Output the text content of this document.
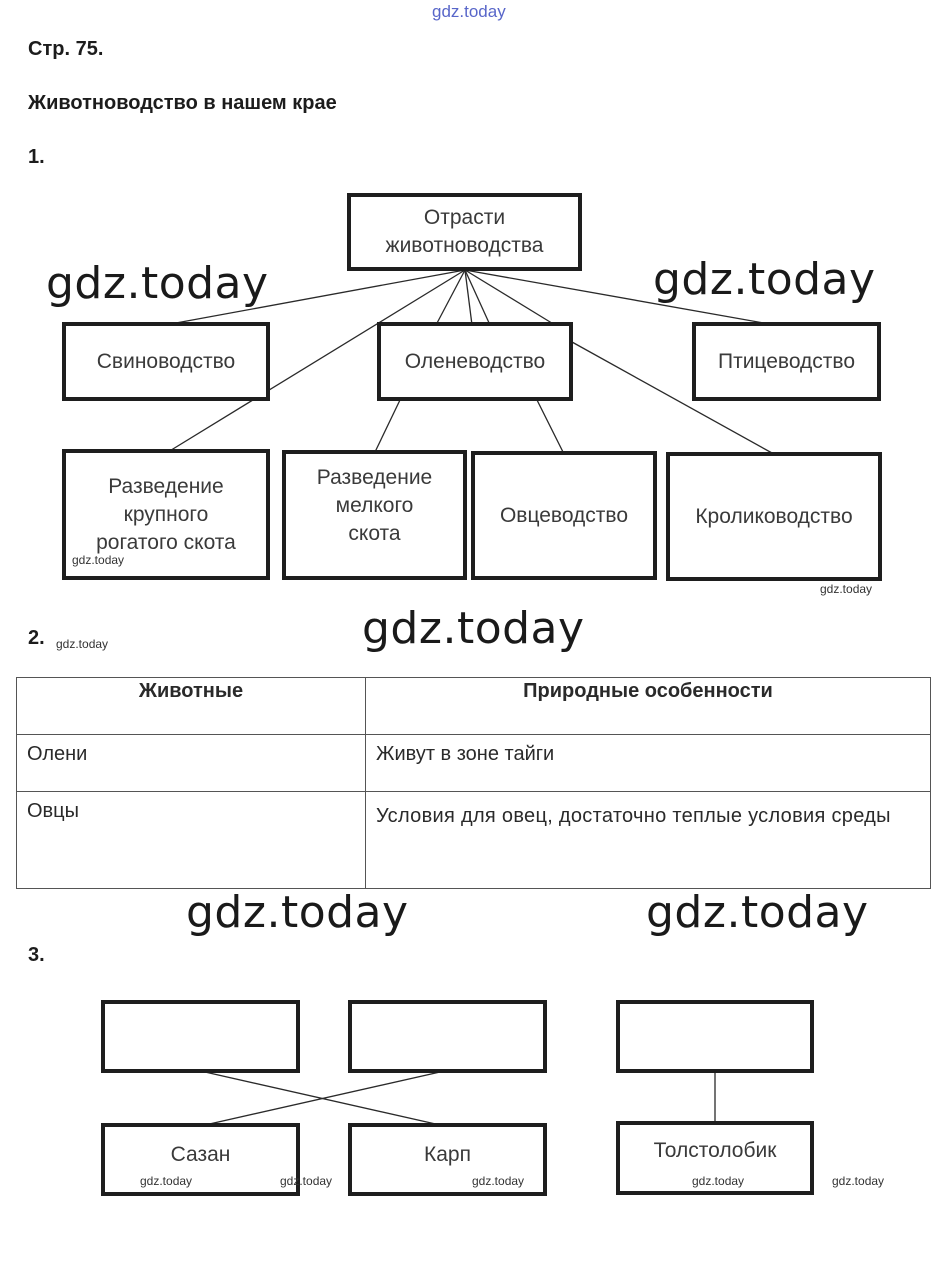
gdz.today
Стр. 75.
Животноводство в нашем крае
1.
Отрасти
животноводства
Свиноводство	Оленеводство	Птицеводство
Разведение
крупного
рогатого скота
Разведение
мелкого
скота
Овцеводство	Кролиководство
gdz.today	gdz.today
gdz.today
gdz.today	gdz.today
gdz.today
gdz.today
gdz.today
2.
Животные	Природные особенности
Олени	Живут в зоне тайги
Овцы	Условия для овец, достаточно теплые условия среды
3.
Сазан	Карп	Толстолобик
gdz.today	gdz.today	gdz.today	gdz.today	gdz.today
